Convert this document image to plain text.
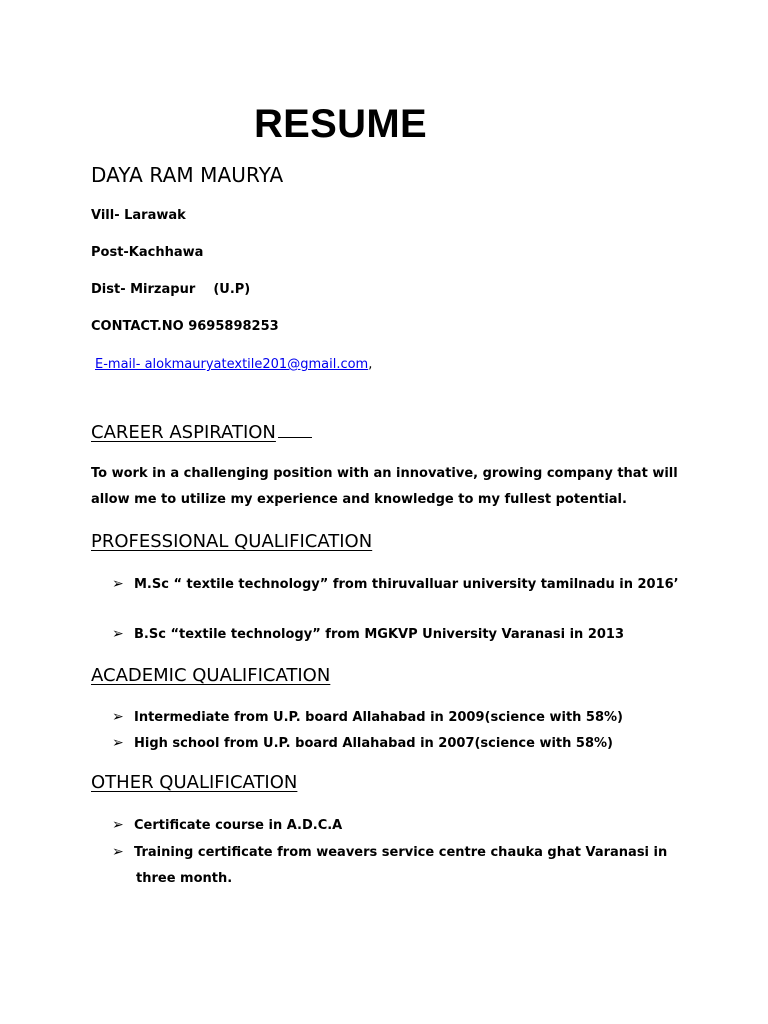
RESUME
DAYA RAM MAURYA
Vill- Larawak
Post-Kachhawa
Dist- Mirzapur    (U.P)
CONTACT.NO 9695898253
E-mail- alokmauryatextile201@gmail.com,
CAREER ASPIRATION
To work in a challenging position with an innovative, growing company that will
allow me to utilize my experience and knowledge to my fullest potential.
PROFESSIONAL QUALIFICATION
➢ M.Sc “ textile technology” from thiruvalluar university tamilnadu in 2016’
➢ B.Sc “textile technology” from MGKVP University Varanasi in 2013
ACADEMIC QUALIFICATION
➢ Intermediate from U.P. board Allahabad in 2009(science with 58%)
➢ High school from U.P. board Allahabad in 2007(science with 58%)
OTHER QUALIFICATION
➢ Certificate course in A.D.C.A
➢ Training certificate from weavers service centre chauka ghat Varanasi in
three month.
